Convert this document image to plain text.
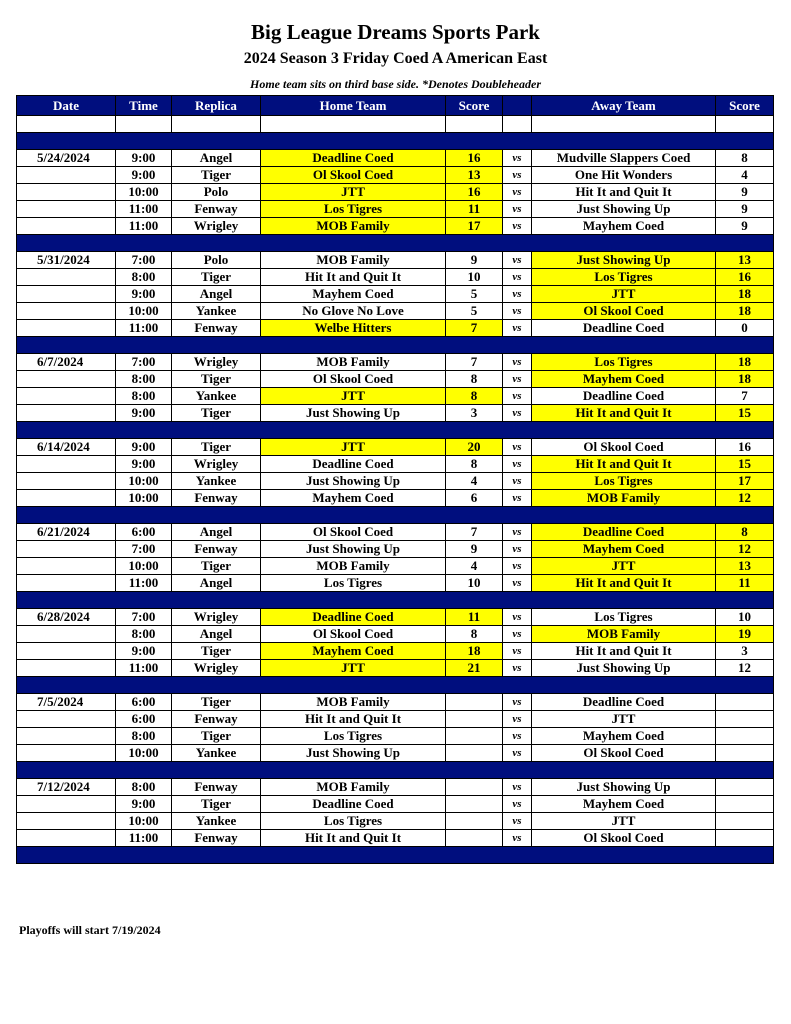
Big League Dreams Sports Park
2024 Season 3 Friday Coed A American East
Home team sits on third base side. *Denotes Doubleheader
Date	Time	Replica	Home Team	Score		Away Team	Score

5/24/2024	9:00	Angel	Deadline Coed	16	vs	Mudville Slappers Coed	8
	9:00	Tiger	Ol Skool Coed	13	vs	One Hit Wonders	4
	10:00	Polo	JTT	16	vs	Hit It and Quit It	9
	11:00	Fenway	Los Tigres	11	vs	Just Showing Up	9
	11:00	Wrigley	MOB Family	17	vs	Mayhem Coed	9

5/31/2024	7:00	Polo	MOB Family	9	vs	Just Showing Up	13
	8:00	Tiger	Hit It and Quit It	10	vs	Los Tigres	16
	9:00	Angel	Mayhem Coed	5	vs	JTT	18
	10:00	Yankee	No Glove No Love	5	vs	Ol Skool Coed	18
	11:00	Fenway	Welbe Hitters	7	vs	Deadline Coed	0

6/7/2024	7:00	Wrigley	MOB Family	7	vs	Los Tigres	18
	8:00	Tiger	Ol Skool Coed	8	vs	Mayhem Coed	18
	8:00	Yankee	JTT	8	vs	Deadline Coed	7
	9:00	Tiger	Just Showing Up	3	vs	Hit It and Quit It	15

6/14/2024	9:00	Tiger	JTT	20	vs	Ol Skool Coed	16
	9:00	Wrigley	Deadline Coed	8	vs	Hit It and Quit It	15
	10:00	Yankee	Just Showing Up	4	vs	Los Tigres	17
	10:00	Fenway	Mayhem Coed	6	vs	MOB Family	12

6/21/2024	6:00	Angel	Ol Skool Coed	7	vs	Deadline Coed	8
	7:00	Fenway	Just Showing Up	9	vs	Mayhem Coed	12
	10:00	Tiger	MOB Family	4	vs	JTT	13
	11:00	Angel	Los Tigres	10	vs	Hit It and Quit It	11

6/28/2024	7:00	Wrigley	Deadline Coed	11	vs	Los Tigres	10
	8:00	Angel	Ol Skool Coed	8	vs	MOB Family	19
	9:00	Tiger	Mayhem Coed	18	vs	Hit It and Quit It	3
	11:00	Wrigley	JTT	21	vs	Just Showing Up	12

7/5/2024	6:00	Tiger	MOB Family		vs	Deadline Coed	
	6:00	Fenway	Hit It and Quit It		vs	JTT	
	8:00	Tiger	Los Tigres		vs	Mayhem Coed	
	10:00	Yankee	Just Showing Up		vs	Ol Skool Coed	

7/12/2024	8:00	Fenway	MOB Family		vs	Just Showing Up	
	9:00	Tiger	Deadline Coed		vs	Mayhem Coed	
	10:00	Yankee	Los Tigres		vs	JTT	
	11:00	Fenway	Hit It and Quit It		vs	Ol Skool Coed	

Playoffs will start 7/19/2024
